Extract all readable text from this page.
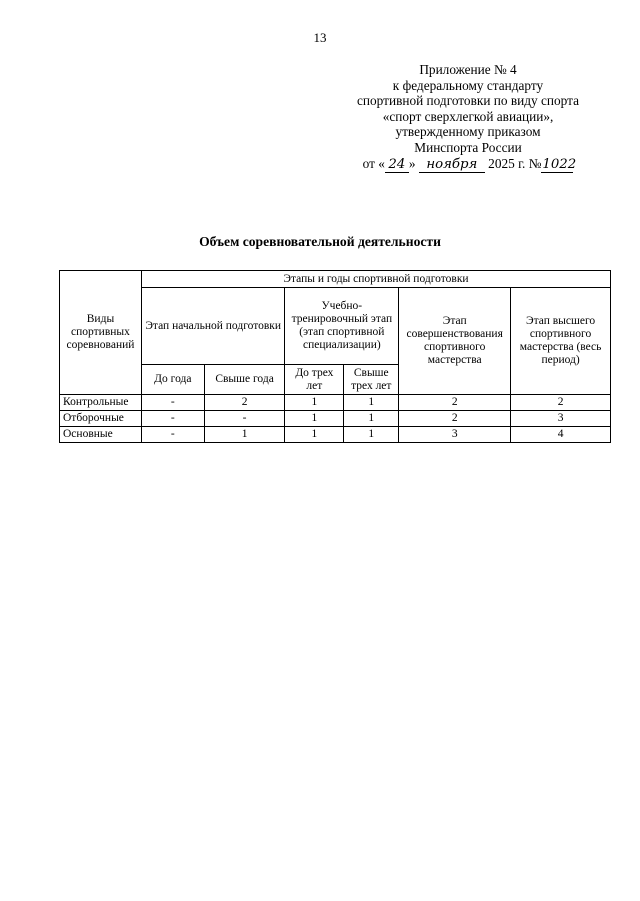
13
Приложение № 4
к федеральному стандарту
спортивной подготовки по виду спорта
«спорт сверхлегкой авиации»,
утвержденному приказом
Минспорта России
от « 24 » ноября 2025 г. №1022
Объем соревновательной деятельности
Виды спортивных соревнований	Этапы и годы спортивной подготовки					
	Этап начальной подготовки		Учебно-тренировочный этап (этап спортивной специализации)		Этап совершенствования спортивного мастерства	Этап высшего спортивного мастерства (весь период)
	До года	Свыше года	До трех лет	Свыше трех лет		
Контрольные	-	2	1	1	2	2
Отборочные	-	-	1	1	2	3
Основные	-	1	1	1	3	4
